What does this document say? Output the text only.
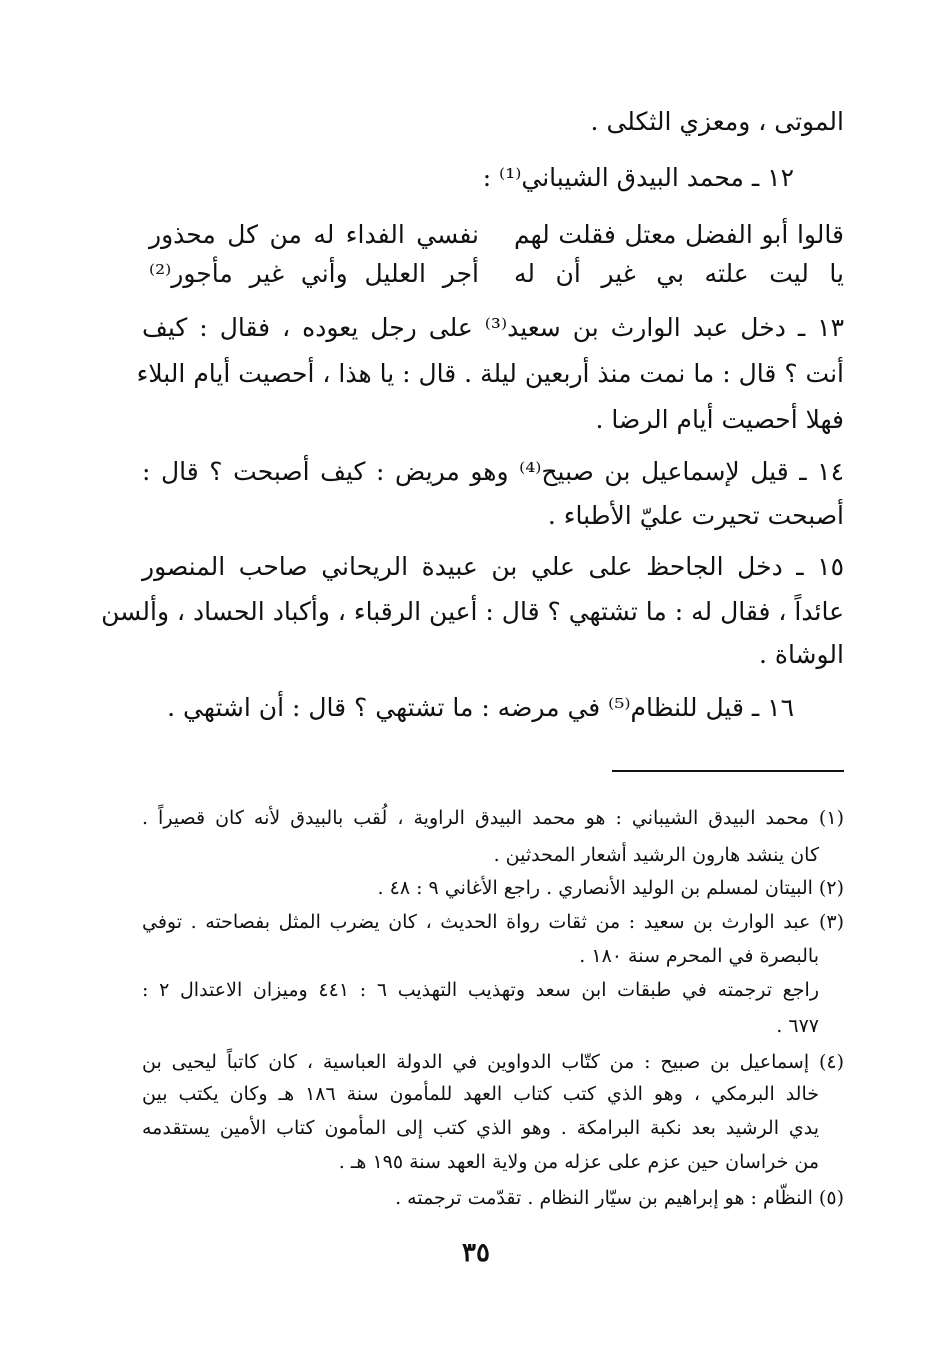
الموتى ، ومعزي الثكلى .
١٢ ـ محمد البيدق الشيباني⁽¹⁾ :
قالوا أبو الفضل معتل فقلت لهم
نفسي الفداء له من كل محذور
يا ليت علته بي غير أن له
أجر العليل وأني غير مأجور⁽²⁾
١٣ ـ دخل عبد الوارث بن سعيد⁽³⁾ على رجل يعوده ، فقال : كيف
أنت ؟ قال : ما نمت منذ أربعين ليلة . قال : يا هذا ، أحصيت أيام البلاء
فهلا أحصيت أيام الرضا .
١٤ ـ قيل لإسماعيل بن صبيح⁽⁴⁾ وهو مريض : كيف أصبحت ؟ قال :
أصبحت تحيرت عليّ الأطباء .
١٥ ـ دخل الجاحظ على علي بن عبيدة الريحاني صاحب المنصور
عائداً ، فقال له : ما تشتهي ؟ قال : أعين الرقباء ، وأكباد الحساد ، وألسن
الوشاة .
١٦ ـ قيل للنظام⁽⁵⁾ في مرضه : ما تشتهي ؟ قال : أن اشتهي .
(١) محمد البيدق الشيباني : هو محمد البيدق الراوية ، لُقب بالبيدق لأنه كان قصيراً .
كان ينشد هارون الرشيد أشعار المحدثين .
(٢) البيتان لمسلم بن الوليد الأنصاري . راجع الأغاني ٩ : ٤٨ .
(٣) عبد الوارث بن سعيد : من ثقات رواة الحديث ، كان يضرب المثل بفصاحته . توفي
بالبصرة في المحرم سنة ١٨٠ .
راجع ترجمته في طبقات ابن سعد وتهذيب التهذيب ٦ : ٤٤١ وميزان الاعتدال ٢ :
٦٧٧ .
(٤) إسماعيل بن صبيح : من كتّاب الدواوين في الدولة العباسية ، كان كاتباً ليحيى بن
خالد البرمكي ، وهو الذي كتب كتاب العهد للمأمون سنة ١٨٦ هـ وكان يكتب بين
يدي الرشيد بعد نكبة البرامكة . وهو الذي كتب إلى المأمون كتاب الأمين يستقدمه
من خراسان حين عزم على عزله من ولاية العهد سنة ١٩٥ هـ .
(٥) النظّام : هو إبراهيم بن سيّار النظام . تقدّمت ترجمته .
٣٥
